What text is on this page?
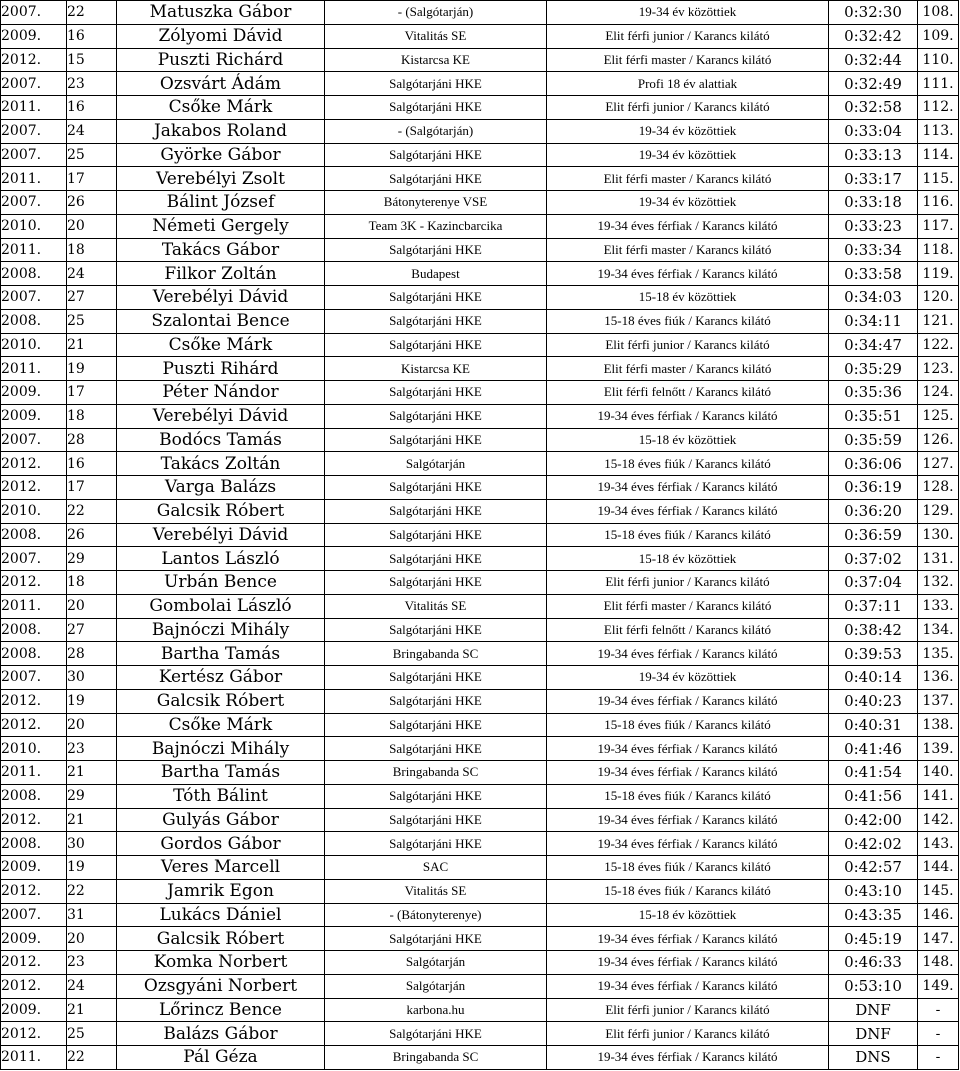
2007.	22	Matuszka Gábor	- (Salgótarján)	19-34 év közöttiek	0:32:30	108.
2009.	16	Zólyomi Dávid	Vitalitás SE	Elit férfi junior / Karancs kilátó	0:32:42	109.
2012.	15	Puszti Richárd	Kistarcsa KE	Elit férfi master / Karancs kilátó	0:32:44	110.
2007.	23	Ozsvárt Ádám	Salgótarjáni HKE	Profi 18 év alattiak	0:32:49	111.
2011.	16	Csőke Márk	Salgótarjáni HKE	Elit férfi junior / Karancs kilátó	0:32:58	112.
2007.	24	Jakabos Roland	- (Salgótarján)	19-34 év közöttiek	0:33:04	113.
2007.	25	Györke Gábor	Salgótarjáni HKE	19-34 év közöttiek	0:33:13	114.
2011.	17	Verebélyi Zsolt	Salgótarjáni HKE	Elit férfi master / Karancs kilátó	0:33:17	115.
2007.	26	Bálint József	Bátonyterenye VSE	19-34 év közöttiek	0:33:18	116.
2010.	20	Németi Gergely	Team 3K - Kazincbarcika	19-34 éves férfiak / Karancs kilátó	0:33:23	117.
2011.	18	Takács Gábor	Salgótarjáni HKE	Elit férfi master / Karancs kilátó	0:33:34	118.
2008.	24	Filkor Zoltán	Budapest	19-34 éves férfiak / Karancs kilátó	0:33:58	119.
2007.	27	Verebélyi Dávid	Salgótarjáni HKE	15-18 év közöttiek	0:34:03	120.
2008.	25	Szalontai Bence	Salgótarjáni HKE	15-18 éves fiúk / Karancs kilátó	0:34:11	121.
2010.	21	Csőke Márk	Salgótarjáni HKE	Elit férfi junior / Karancs kilátó	0:34:47	122.
2011.	19	Puszti Rihárd	Kistarcsa KE	Elit férfi master / Karancs kilátó	0:35:29	123.
2009.	17	Péter Nándor	Salgótarjáni HKE	Elit férfi felnőtt / Karancs kilátó	0:35:36	124.
2009.	18	Verebélyi Dávid	Salgótarjáni HKE	19-34 éves férfiak / Karancs kilátó	0:35:51	125.
2007.	28	Bodócs Tamás	Salgótarjáni HKE	15-18 év közöttiek	0:35:59	126.
2012.	16	Takács Zoltán	Salgótarján	15-18 éves fiúk / Karancs kilátó	0:36:06	127.
2012.	17	Varga Balázs	Salgótarjáni HKE	19-34 éves férfiak / Karancs kilátó	0:36:19	128.
2010.	22	Galcsik Róbert	Salgótarjáni HKE	19-34 éves férfiak / Karancs kilátó	0:36:20	129.
2008.	26	Verebélyi Dávid	Salgótarjáni HKE	15-18 éves fiúk / Karancs kilátó	0:36:59	130.
2007.	29	Lantos László	Salgótarjáni HKE	15-18 év közöttiek	0:37:02	131.
2012.	18	Urbán Bence	Salgótarjáni HKE	Elit férfi junior / Karancs kilátó	0:37:04	132.
2011.	20	Gombolai László	Vitalitás SE	Elit férfi master / Karancs kilátó	0:37:11	133.
2008.	27	Bajnóczi Mihály	Salgótarjáni HKE	Elit férfi felnőtt / Karancs kilátó	0:38:42	134.
2008.	28	Bartha Tamás	Bringabanda SC	19-34 éves férfiak / Karancs kilátó	0:39:53	135.
2007.	30	Kertész Gábor	Salgótarjáni HKE	19-34 év közöttiek	0:40:14	136.
2012.	19	Galcsik Róbert	Salgótarjáni HKE	19-34 éves férfiak / Karancs kilátó	0:40:23	137.
2012.	20	Csőke Márk	Salgótarjáni HKE	15-18 éves fiúk / Karancs kilátó	0:40:31	138.
2010.	23	Bajnóczi Mihály	Salgótarjáni HKE	19-34 éves férfiak / Karancs kilátó	0:41:46	139.
2011.	21	Bartha Tamás	Bringabanda SC	19-34 éves férfiak / Karancs kilátó	0:41:54	140.
2008.	29	Tóth Bálint	Salgótarjáni HKE	15-18 éves fiúk / Karancs kilátó	0:41:56	141.
2012.	21	Gulyás Gábor	Salgótarjáni HKE	19-34 éves férfiak / Karancs kilátó	0:42:00	142.
2008.	30	Gordos Gábor	Salgótarjáni HKE	19-34 éves férfiak / Karancs kilátó	0:42:02	143.
2009.	19	Veres Marcell	SAC	15-18 éves fiúk / Karancs kilátó	0:42:57	144.
2012.	22	Jamrik Egon	Vitalitás SE	15-18 éves fiúk / Karancs kilátó	0:43:10	145.
2007.	31	Lukács Dániel	- (Bátonyterenye)	15-18 év közöttiek	0:43:35	146.
2009.	20	Galcsik Róbert	Salgótarjáni HKE	19-34 éves férfiak / Karancs kilátó	0:45:19	147.
2012.	23	Komka Norbert	Salgótarján	19-34 éves férfiak / Karancs kilátó	0:46:33	148.
2012.	24	Ozsgyáni Norbert	Salgótarján	19-34 éves férfiak / Karancs kilátó	0:53:10	149.
2009.	21	Lőrincz Bence	karbona.hu	Elit férfi junior / Karancs kilátó	DNF	-
2012.	25	Balázs Gábor	Salgótarjáni HKE	Elit férfi junior / Karancs kilátó	DNF	-
2011.	22	Pál Géza	Bringabanda SC	19-34 éves férfiak / Karancs kilátó	DNS	-
